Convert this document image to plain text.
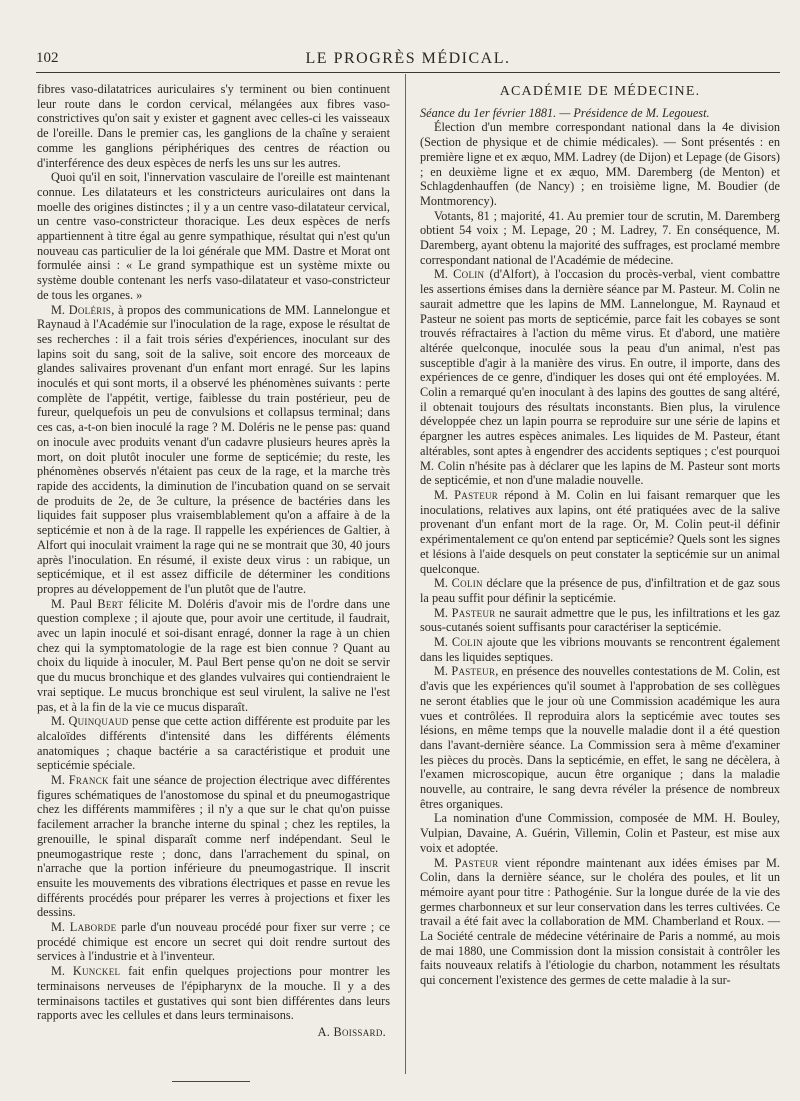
102	LE PROGRÈS MÉDICAL.

fibres vaso-dilatatrices auriculaires s'y terminent ou bien continuent leur route dans le cordon cervical, mélangées aux fibres vaso-constrictives qu'on sait y exister et gagnent avec celles-ci les vaisseaux de l'oreille. Dans le premier cas, les ganglions de la chaîne y seraient comme les ganglions périphériques des centres de réaction ou d'interférence des deux espèces de nerfs les uns sur les autres.

Quoi qu'il en soit, l'innervation vasculaire de l'oreille est maintenant connue. Les dilatateurs et les constricteurs auriculaires ont dans la moelle des origines distinctes ; il y a un centre vaso-dilatateur cervical, un centre vaso-constricteur thoracique. Les deux espèces de nerfs appartiennent à titre égal au genre sympathique, résultat qui n'est qu'un nouveau cas particulier de la loi générale que MM. Dastre et Morat ont formulée ainsi : « Le grand sympathique est un système mixte ou système double contenant les nerfs vaso-dilatateur et vaso-constricteur de tous les organes. »

M. Doléris, à propos des communications de MM. Lannelongue et Raynaud à l'Académie sur l'inoculation de la rage, expose le résultat de ses recherches : il a fait trois séries d'expériences, inoculant sur des lapins soit du sang, soit de la salive, soit encore des morceaux de glandes salivaires provenant d'un enfant mort enragé. Sur les lapins inoculés et qui sont morts, il a observé les phénomènes suivants : perte complète de l'appétit, vertige, faiblesse du train postérieur, peu de fureur, quelquefois un peu de convulsions et collapsus terminal; dans ces cas, a-t-on bien inoculé la rage ? M. Doléris ne le pense pas: quand on inocule avec produits venant d'un cadavre plusieurs heures après la mort, on doit plutôt inoculer une forme de septicémie; du reste, les phénomènes observés n'étaient pas ceux de la rage, et la marche très rapide des accidents, la diminution de l'incubation quand on se servait de produits de 2e, de 3e culture, la présence de bactéries dans les liquides fait supposer plus vraisemblablement qu'on a affaire à de la septicémie et non à de la rage. Il rappelle les expériences de Galtier, à Alfort qui inoculait vraiment la rage qui ne se montrait que 30, 40 jours après l'inoculation. En résumé, il existe deux virus : un rabique, un septicémique, et il est assez difficile de déterminer les conditions propres au développement de l'un plutôt que de l'autre.

M. Paul Bert félicite M. Doléris d'avoir mis de l'ordre dans une question complexe ; il ajoute que, pour avoir une certitude, il faudrait, avec un lapin inoculé et soi-disant enragé, donner la rage à un chien chez qui la symptomatologie de la rage est bien connue ? Quant au choix du liquide à inoculer, M. Paul Bert pense qu'on ne doit se servir que du mucus bronchique et des glandes vulvaires qui contiendraient le vrai septique. Le mucus bronchique est seul virulent, la salive ne l'est pas, et à la fin de la vie ce mucus disparaît.

M. Quinquaud pense que cette action différente est produite par les alcaloïdes différents d'intensité dans les différents éléments anatomiques ; chaque bactérie a sa caractéristique et produit une septicémie spéciale.

M. Franck fait une séance de projection électrique avec différentes figures schématiques de l'anostomose du spinal et du pneumogastrique chez les différents mammifères ; il n'y a que sur le chat qu'on puisse facilement arracher la branche interne du spinal ; chez les reptiles, la grenouille, le spinal disparaît comme nerf indépendant. Seul le pneumogastrique reste ; donc, dans l'arrachement du spinal, on n'arrache que la portion inférieure du pneumogastrique. Il inscrit ensuite les mouvements des vibrations électriques et passe en revue les différents procédés pour préparer les verres à projections et fixer les dessins.

M. Laborde parle d'un nouveau procédé pour fixer sur verre ; ce procédé chimique est encore un secret qui doit rendre surtout des services à l'industrie et à l'inventeur.

M. Kunckel fait enfin quelques projections pour montrer les terminaisons nerveuses de l'épipharynx de la mouche. Il y a des terminaisons tactiles et gustatives qui sont bien différentes dans leurs rapports avec les cellules et dans leurs terminaisons.

A. Boissard.
ACADÉMIE DE MÉDECINE.

Séance du 1er février 1881. — Présidence de M. Legouest.

Élection d'un membre correspondant national dans la 4e division (Section de physique et de chimie médicales). — Sont présentés : en première ligne et ex æquo, MM. Ladrey (de Dijon) et Lepage (de Gisors) ; en deuxième ligne et ex æquo, MM. Daremberg (de Menton) et Schlagdenhauffen (de Nancy) ; en troisième ligne, M. Boudier (de Montmorency).

Votants, 81 ; majorité, 41. Au premier tour de scrutin, M. Daremberg obtient 54 voix ; M. Lepage, 20 ; M. Ladrey, 7. En conséquence, M. Daremberg, ayant obtenu la majorité des suffrages, est proclamé membre correspondant national de l'Académie de médecine.

M. Colin (d'Alfort), à l'occasion du procès-verbal, vient combattre les assertions émises dans la dernière séance par M. Pasteur. M. Colin ne saurait admettre que les lapins de MM. Lannelongue, M. Raynaud et Pasteur ne soient pas morts de septicémie, parce fait les cobayes se sont trouvés réfractaires à l'action du même virus. Et d'abord, une matière altérée quelconque, inoculée sous la peau d'un animal, n'est pas susceptible d'agir à la manière des virus. En outre, il importe, dans des expériences de ce genre, d'indiquer les doses qui ont été employées. M. Colin a remarqué qu'en inoculant à des lapins des gouttes de sang altéré, il obtenait toujours des résultats inconstants. Bien plus, la virulence développée chez un lapin pourra se reproduire sur une série de lapins et épargner les autres espèces animales. Les liquides de M. Pasteur, étant altérables, sont aptes à engendrer des accidents septiques ; c'est pourquoi M. Colin n'hésite pas à déclarer que les lapins de M. Pasteur sont morts de septicémie, et non d'une maladie nouvelle.

M. Pasteur répond à M. Colin en lui faisant remarquer que les inoculations, relatives aux lapins, ont été pratiquées avec de la salive provenant d'un enfant mort de la rage. Or, M. Colin peut-il définir expérimentalement ce qu'on entend par septicémie? Quels sont les signes et lésions à l'aide desquels on peut constater la septicémie sur un animal quelconque.

M. Colin déclare que la présence de pus, d'infiltration et de gaz sous la peau suffit pour définir la septicémie.

M. Pasteur ne saurait admettre que le pus, les infiltrations et les gaz sous-cutanés soient suffisants pour caractériser la septicémie.

M. Colin ajoute que les vibrions mouvants se rencontrent également dans les liquides septiques.

M. Pasteur, en présence des nouvelles contestations de M. Colin, est d'avis que les expériences qu'il soumet à l'approbation de ses collègues ne seront établies que le jour où une Commission académique les aura vues et contrôlées. Il reproduira alors la septicémie avec toutes ses lésions, en même temps que la nouvelle maladie dont il a été question dans l'avant-dernière séance. La Commission sera à même d'examiner les pièces du procès. Dans la septicémie, en effet, le sang ne décèlera, à l'examen microscopique, aucun être organique ; dans la maladie nouvelle, au contraire, le sang devra révéler la présence de nombreux êtres organiques.

La nomination d'une Commission, composée de MM. H. Bouley, Vulpian, Davaine, A. Guérin, Villemin, Colin et Pasteur, est mise aux voix et adoptée.

M. Pasteur vient répondre maintenant aux idées émises par M. Colin, dans la dernière séance, sur le choléra des poules, et lit un mémoire ayant pour titre : Pathogénie. Sur la longue durée de la vie des germes charbonneux et sur leur conservation dans les terres cultivées. Ce travail a été fait avec la collaboration de MM. Chamberland et Roux. — La Société centrale de médecine vétérinaire de Paris a nommé, au mois de mai 1880, une Commission dont la mission consistait à contrôler les faits nouveaux relatifs à l'étiologie du charbon, notamment les résultats qui concernent l'existence des germes de cette maladie à la sur-
